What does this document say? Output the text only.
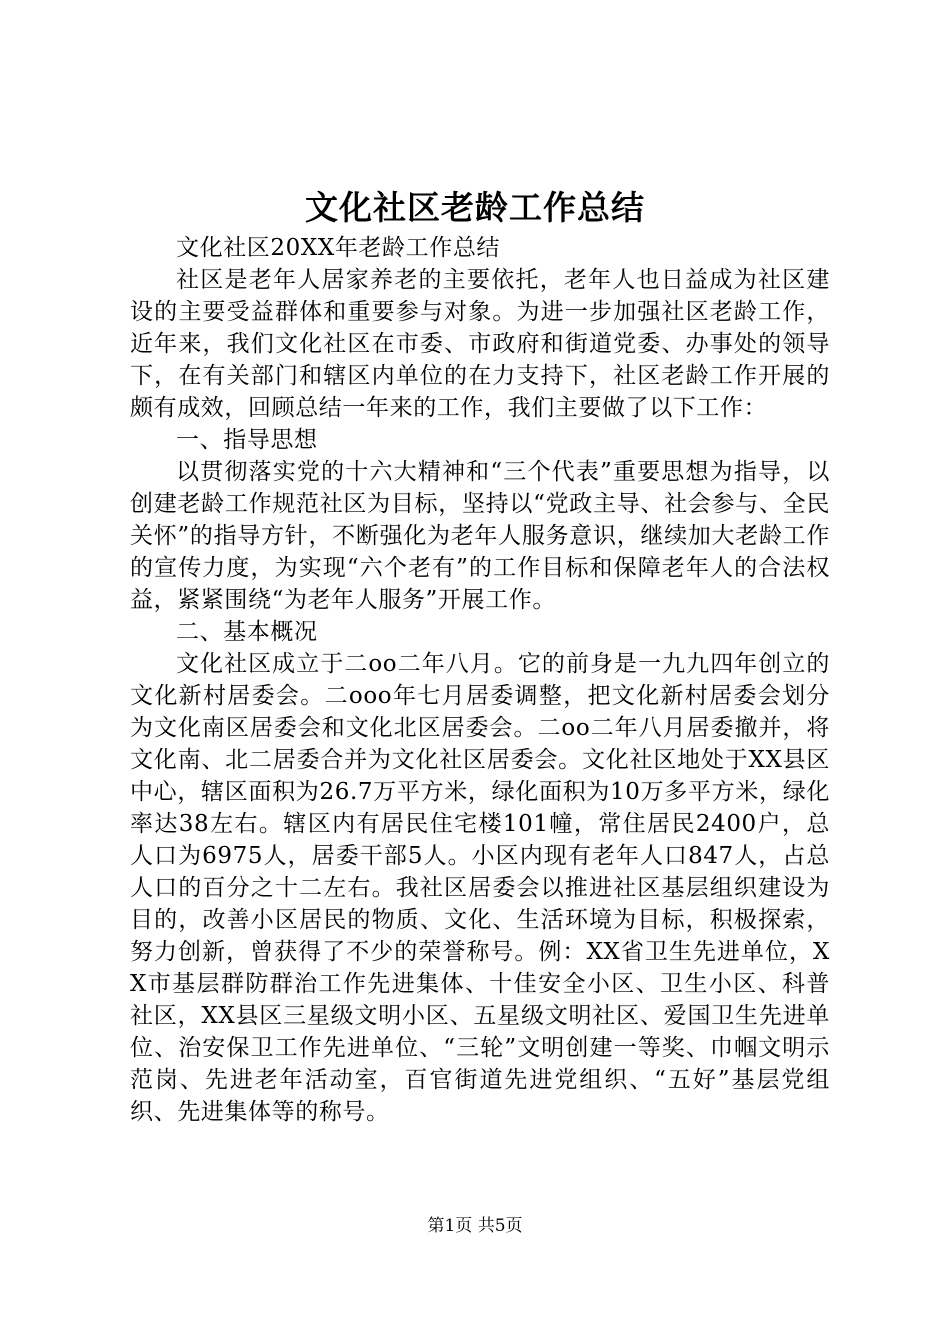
文化社区老龄工作总结

文化社区20XX年老龄工作总结

社区是老年人居家养老的主要依托，老年人也日益成为社区建设的主要受益群体和重要参与对象。为进一步加强社区老龄工作，近年来，我们文化社区在市委、市政府和街道党委、办事处的领导下，在有关部门和辖区内单位的在力支持下，社区老龄工作开展的颇有成效，回顾总结一年来的工作，我们主要做了以下工作：

一、指导思想

以贯彻落实党的十六大精神和“三个代表”重要思想为指导，以创建老龄工作规范社区为目标，坚持以“党政主导、社会参与、全民关怀”的指导方针，不断强化为老年人服务意识，继续加大老龄工作的宣传力度，为实现“六个老有”的工作目标和保障老年人的合法权益，紧紧围绕“为老年人服务”开展工作。

二、基本概况

文化社区成立于二oo二年八月。它的前身是一九九四年创立的文化新村居委会。二ooo年七月居委调整，把文化新村居委会划分为文化南区居委会和文化北区居委会。二oo二年八月居委撤并，将文化南、北二居委合并为文化社区居委会。文化社区地处于XX县区中心，辖区面积为26.7万平方米，绿化面积为10万多平方米，绿化率达38左右。辖区内有居民住宅楼101幢，常住居民2400户，总人口为6975人，居委干部5人。小区内现有老年人口847人，占总人口的百分之十二左右。我社区居委会以推进社区基层组织建设为目的，改善小区居民的物质、文化、生活环境为目标，积极探索，努力创新，曾获得了不少的荣誉称号。例：XX省卫生先进单位，XX市基层群防群治工作先进集体、十佳安全小区、卫生小区、科普社区，XX县区三星级文明小区、五星级文明社区、爱国卫生先进单位、治安保卫工作先进单位、“三轮”文明创建一等奖、巾帼文明示范岗、先进老年活动室，百官街道先进党组织、“五好”基层党组织、先进集体等的称号。

第1页 共5页
